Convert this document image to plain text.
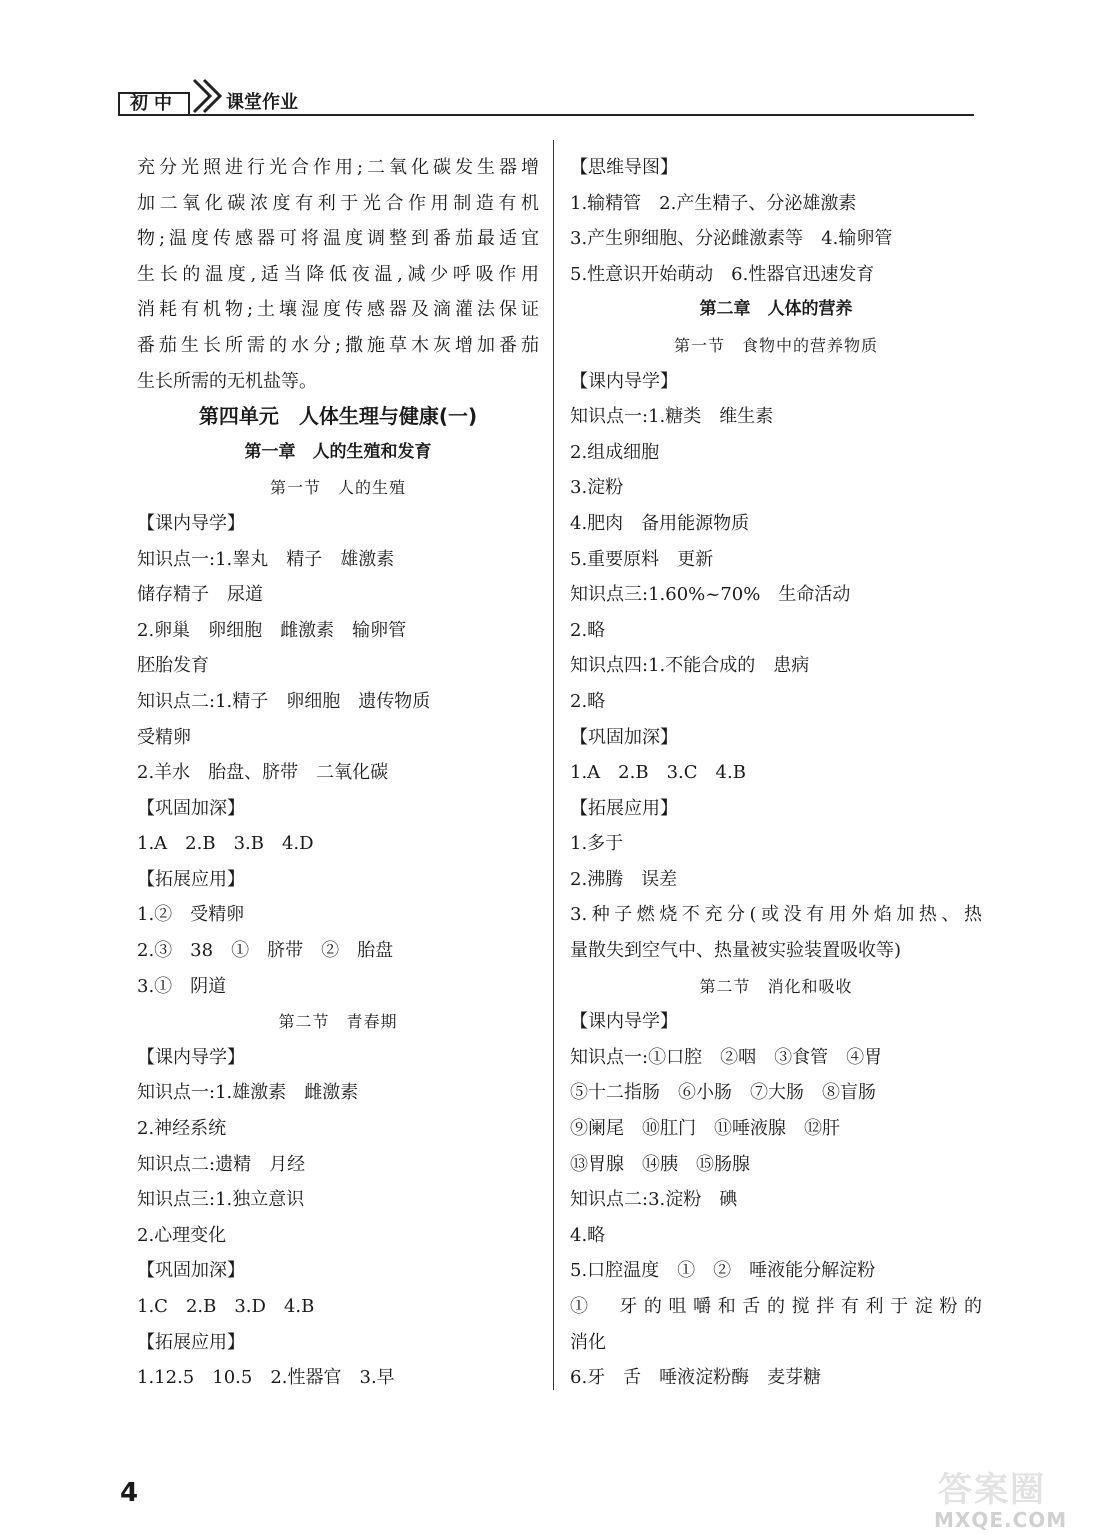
初中	课堂作业
充分光照进行光合作用;二氧化碳发生器增
加二氧化碳浓度有利于光合作用制造有机
物;温度传感器可将温度调整到番茄最适宜
生长的温度,适当降低夜温,减少呼吸作用
消耗有机物;土壤湿度传感器及滴灌法保证
番茄生长所需的水分;撒施草木灰增加番茄
生长所需的无机盐等。
第四单元　人体生理与健康(一)
第一章　人的生殖和发育
第一节　人的生殖
【课内导学】
知识点一:1.睾丸　精子　雄激素
储存精子　尿道
2.卵巢　卵细胞　雌激素　输卵管
胚胎发育
知识点二:1.精子　卵细胞　遗传物质
受精卵
2.羊水　胎盘、脐带　二氧化碳
【巩固加深】
1.A　2.B　3.B　4.D
【拓展应用】
1.②　受精卵
2.③　38　①　脐带　②　胎盘
3.①　阴道
第二节　青春期
【课内导学】
知识点一:1.雄激素　雌激素
2.神经系统
知识点二:遗精　月经
知识点三:1.独立意识
2.心理变化
【巩固加深】
1.C　2.B　3.D　4.B
【拓展应用】
1.12.5　10.5　2.性器官　3.早
【思维导图】
1.输精管　2.产生精子、分泌雄激素
3.产生卵细胞、分泌雌激素等　4.输卵管
5.性意识开始萌动　6.性器官迅速发育
第二章　人体的营养
第一节　食物中的营养物质
【课内导学】
知识点一:1.糖类　维生素
2.组成细胞
3.淀粉
4.肥肉　备用能源物质
5.重要原料　更新
知识点三:1.60%~70%　生命活动
2.略
知识点四:1.不能合成的　患病
2.略
【巩固加深】
1.A　2.B　3.C　4.B
【拓展应用】
1.多于
2.沸腾　误差
3.种子燃烧不充分(或没有用外焰加热、热
量散失到空气中、热量被实验装置吸收等)
第二节　消化和吸收
【课内导学】
知识点一:①口腔　②咽　③食管　④胃
⑤十二指肠　⑥小肠　⑦大肠　⑧盲肠
⑨阑尾　⑩肛门　⑪唾液腺　⑫肝
⑬胃腺　⑭胰　⑮肠腺
知识点二:3.淀粉　碘
4.略
5.口腔温度　①　②　唾液能分解淀粉
①　牙的咀嚼和舌的搅拌有利于淀粉的
消化
6.牙　舌　唾液淀粉酶　麦芽糖
4	答案圈
MXQE.COM
